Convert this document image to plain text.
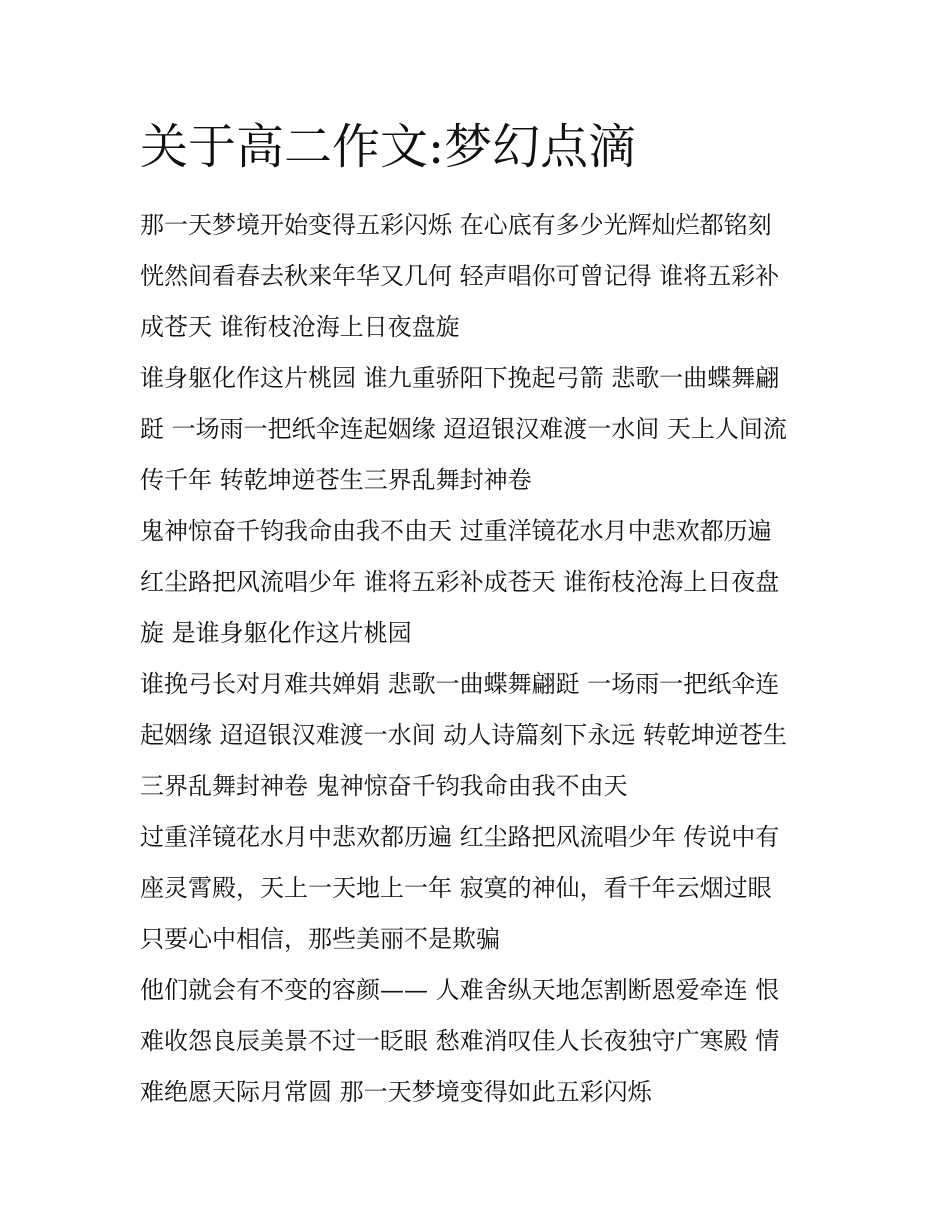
关于高二作文:梦幻点滴

那一天梦境开始变得五彩闪烁 在心底有多少光辉灿烂都铭刻
恍然间看春去秋来年华又几何 轻声唱你可曾记得 谁将五彩补
成苍天 谁衔枝沧海上日夜盘旋

谁身躯化作这片桃园 谁九重骄阳下挽起弓箭 悲歌一曲蝶舞翩
跹 一场雨一把纸伞连起姻缘 迢迢银汉难渡一水间 天上人间流
传千年 转乾坤逆苍生三界乱舞封神卷

鬼神惊奋千钧我命由我不由天 过重洋镜花水月中悲欢都历遍
红尘路把风流唱少年 谁将五彩补成苍天 谁衔枝沧海上日夜盘
旋 是谁身躯化作这片桃园

谁挽弓长对月难共婵娟 悲歌一曲蝶舞翩跹 一场雨一把纸伞连
起姻缘 迢迢银汉难渡一水间 动人诗篇刻下永远 转乾坤逆苍生
三界乱舞封神卷 鬼神惊奋千钧我命由我不由天

过重洋镜花水月中悲欢都历遍 红尘路把风流唱少年 传说中有
座灵霄殿，天上一天地上一年 寂寞的神仙，看千年云烟过眼
只要心中相信，那些美丽不是欺骗

他们就会有不变的容颜—— 人难舍纵天地怎割断恩爱牵连 恨
难收怨良辰美景不过一眨眼 愁难消叹佳人长夜独守广寒殿 情
难绝愿天际月常圆 那一天梦境变得如此五彩闪烁
